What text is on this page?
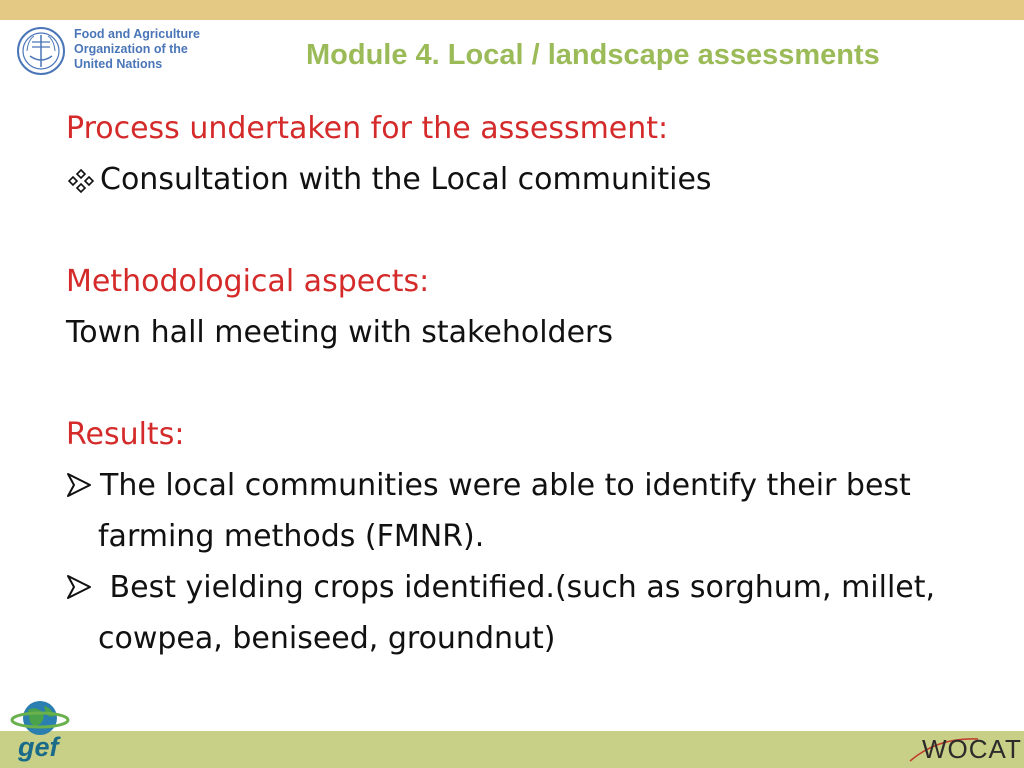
Food and Agriculture
Organization of the
United Nations	Module 4. Local / landscape assessments

Process undertaken for the assessment:

Consultation with the Local communities

Methodological aspects:

Town hall meeting with stakeholders

Results:

The local communities were able to identify their best

farming methods (FMNR).

Best yielding crops identified.(such as sorghum, millet,

cowpea, beniseed, groundnut)

gef	WOCAT
